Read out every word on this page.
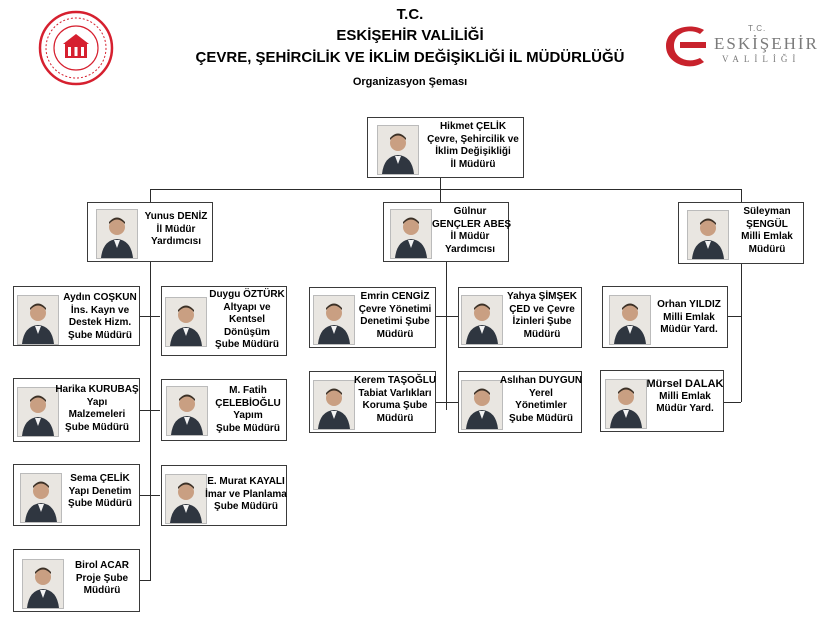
T.C.
ESKİŞEHİR VALİLİĞİ
ÇEVRE, ŞEHİRCİLİK VE İKLİM DEĞİŞİKLİĞİ İL MÜDÜRLÜĞÜ
Organizasyon Şeması
T.C.
ESKİŞEHİR
VALİLİĞİ
Hikmet ÇELİK
Çevre, Şehircilik ve
İklim Değişikliği
İl Müdürü
Yunus DENİZ
İl Müdür
Yardımcısı
Gülnur
GENÇLER ABEŞ
İl Müdür
Yardımcısı
Süleyman
ŞENGÜL
Milli Emlak
Müdürü
Aydın COŞKUN
İns. Kayn ve
Destek Hizm.
Şube Müdürü
Harika KURUBAŞ
Yapı
Malzemeleri
Şube Müdürü
Sema ÇELİK
Yapı Denetim
Şube Müdürü
Birol ACAR
Proje Şube
Müdürü
Duygu ÖZTÜRK
Altyapı ve
Kentsel
Dönüşüm
Şube Müdürü
M. Fatih
ÇELEBİOĞLU
Yapım
Şube Müdürü
E. Murat KAYALI
İmar ve Planlama
Şube Müdürü
Emrin CENGİZ
Çevre Yönetimi
Denetimi Şube
Müdürü
Kerem TAŞOĞLU
Tabiat Varlıkları
Koruma Şube
Müdürü
Yahya ŞİMŞEK
ÇED ve Çevre
İzinleri Şube
Müdürü
Aslıhan DUYGUN
Yerel
Yönetimler
Şube Müdürü
Orhan YILDIZ
Milli Emlak
Müdür Yard.
Mürsel DALAK
Milli Emlak
Müdür Yard.
